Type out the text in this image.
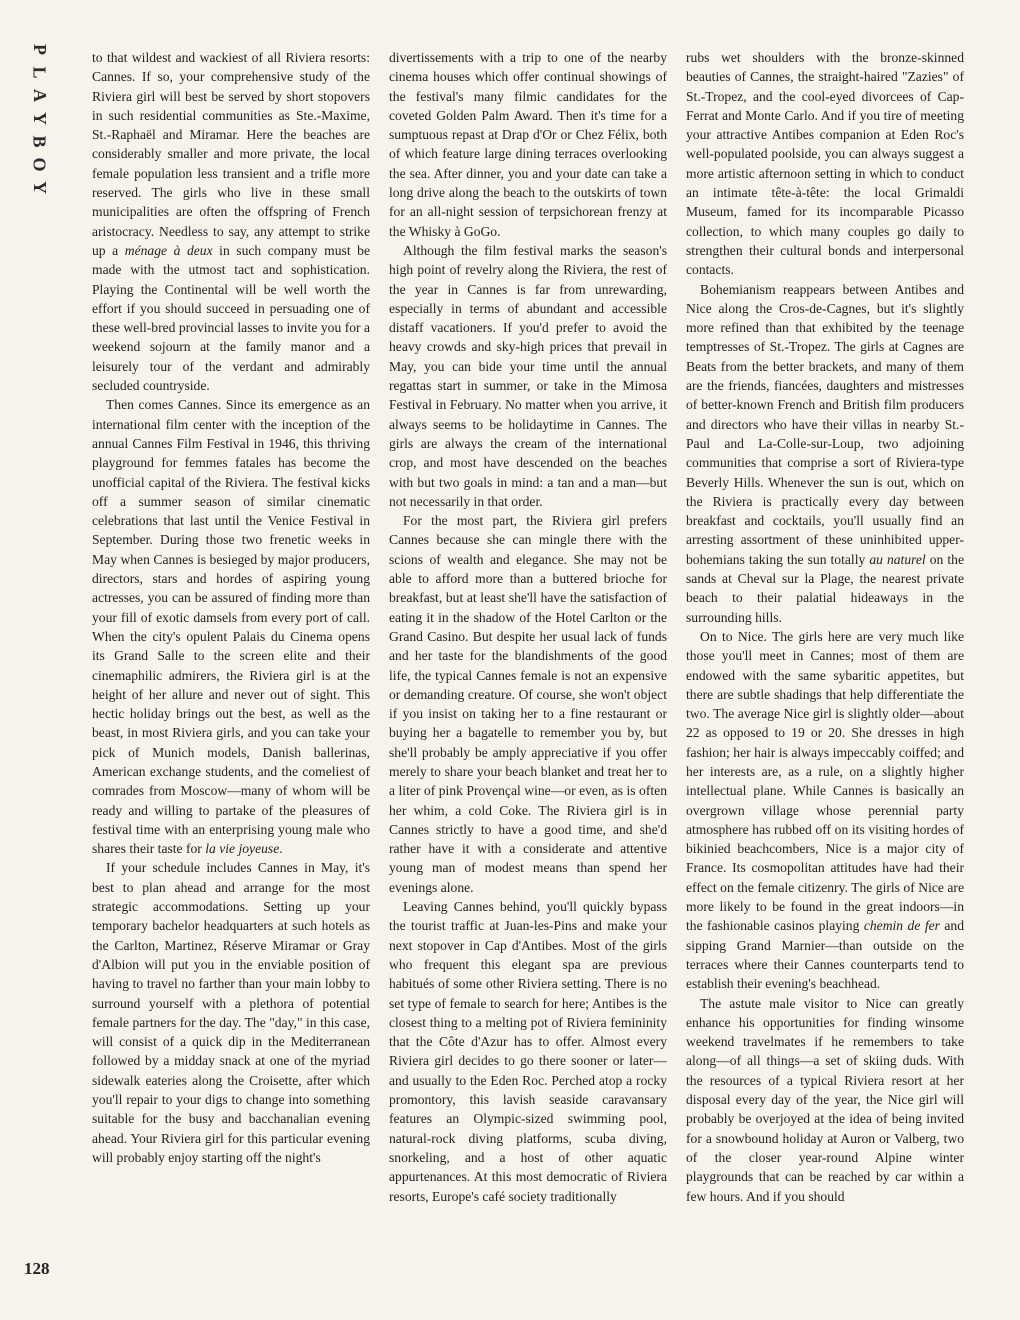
P
L
A
Y
B
O
Y
128

to that wildest and wackiest of all Riviera resorts: Cannes. If so, your comprehensive study of the Riviera girl will best be served by short stopovers in such residential communities as Ste.-Maxime, St.-Raphaël and Miramar. Here the beaches are considerably smaller and more private, the local female population less transient and a trifle more reserved. The girls who live in these small municipalities are often the offspring of French aristocracy. Needless to say, any attempt to strike up a ménage à deux in such company must be made with the utmost tact and sophistication. Playing the Continental will be well worth the effort if you should succeed in persuading one of these well-bred provincial lasses to invite you for a weekend sojourn at the family manor and a leisurely tour of the verdant and admirably secluded countryside.

Then comes Cannes. Since its emergence as an international film center with the inception of the annual Cannes Film Festival in 1946, this thriving playground for femmes fatales has become the unofficial capital of the Riviera. The festival kicks off a summer season of similar cinematic celebrations that last until the Venice Festival in September. During those two frenetic weeks in May when Cannes is besieged by major producers, directors, stars and hordes of aspiring young actresses, you can be assured of finding more than your fill of exotic damsels from every port of call. When the city's opulent Palais du Cinema opens its Grand Salle to the screen elite and their cinemaphilic admirers, the Riviera girl is at the height of her allure and never out of sight. This hectic holiday brings out the best, as well as the beast, in most Riviera girls, and you can take your pick of Munich models, Danish ballerinas, American exchange students, and the comeliest of comrades from Moscow—many of whom will be ready and willing to partake of the pleasures of festival time with an enterprising young male who shares their taste for la vie joyeuse.

If your schedule includes Cannes in May, it's best to plan ahead and arrange for the most strategic accommodations. Setting up your temporary bachelor headquarters at such hotels as the Carlton, Martinez, Réserve Miramar or Gray d'Albion will put you in the enviable position of having to travel no farther than your main lobby to surround yourself with a plethora of potential female partners for the day. The "day," in this case, will consist of a quick dip in the Mediterranean followed by a midday snack at one of the myriad sidewalk eateries along the Croisette, after which you'll repair to your digs to change into something suitable for the busy and bacchanalian evening ahead. Your Riviera girl for this particular evening will probably enjoy starting off the night's

divertissements with a trip to one of the nearby cinema houses which offer continual showings of the festival's many filmic candidates for the coveted Golden Palm Award. Then it's time for a sumptuous repast at Drap d'Or or Chez Félix, both of which feature large dining terraces overlooking the sea. After dinner, you and your date can take a long drive along the beach to the outskirts of town for an all-night session of terpsichorean frenzy at the Whisky à GoGo.

Although the film festival marks the season's high point of revelry along the Riviera, the rest of the year in Cannes is far from unrewarding, especially in terms of abundant and accessible distaff vacationers. If you'd prefer to avoid the heavy crowds and sky-high prices that prevail in May, you can bide your time until the annual regattas start in summer, or take in the Mimosa Festival in February. No matter when you arrive, it always seems to be holidaytime in Cannes. The girls are always the cream of the international crop, and most have descended on the beaches with but two goals in mind: a tan and a man—but not necessarily in that order.

For the most part, the Riviera girl prefers Cannes because she can mingle there with the scions of wealth and elegance. She may not be able to afford more than a buttered brioche for breakfast, but at least she'll have the satisfaction of eating it in the shadow of the Hotel Carlton or the Grand Casino. But despite her usual lack of funds and her taste for the blandishments of the good life, the typical Cannes female is not an expensive or demanding creature. Of course, she won't object if you insist on taking her to a fine restaurant or buying her a bagatelle to remember you by, but she'll probably be amply appreciative if you offer merely to share your beach blanket and treat her to a liter of pink Provençal wine—or even, as is often her whim, a cold Coke. The Riviera girl is in Cannes strictly to have a good time, and she'd rather have it with a considerate and attentive young man of modest means than spend her evenings alone.

Leaving Cannes behind, you'll quickly bypass the tourist traffic at Juan-les-Pins and make your next stopover in Cap d'Antibes. Most of the girls who frequent this elegant spa are previous habitués of some other Riviera setting. There is no set type of female to search for here; Antibes is the closest thing to a melting pot of Riviera femininity that the Côte d'Azur has to offer. Almost every Riviera girl decides to go there sooner or later—and usually to the Eden Roc. Perched atop a rocky promontory, this lavish seaside caravansary features an Olympic-sized swimming pool, natural-rock diving platforms, scuba diving, snorkeling, and a host of other aquatic appurtenances. At this most democratic of Riviera resorts, Europe's café society traditionally

rubs wet shoulders with the bronze-skinned beauties of Cannes, the straight-haired "Zazies" of St.-Tropez, and the cool-eyed divorcees of Cap-Ferrat and Monte Carlo. And if you tire of meeting your attractive Antibes companion at Eden Roc's well-populated poolside, you can always suggest a more artistic afternoon setting in which to conduct an intimate tête-à-tête: the local Grimaldi Museum, famed for its incomparable Picasso collection, to which many couples go daily to strengthen their cultural bonds and interpersonal contacts.

Bohemianism reappears between Antibes and Nice along the Cros-de-Cagnes, but it's slightly more refined than that exhibited by the teenage temptresses of St.-Tropez. The girls at Cagnes are Beats from the better brackets, and many of them are the friends, fiancées, daughters and mistresses of better-known French and British film producers and directors who have their villas in nearby St.-Paul and La-Colle-sur-Loup, two adjoining communities that comprise a sort of Riviera-type Beverly Hills. Whenever the sun is out, which on the Riviera is practically every day between breakfast and cocktails, you'll usually find an arresting assortment of these uninhibited upper-bohemians taking the sun totally au naturel on the sands at Cheval sur la Plage, the nearest private beach to their palatial hideaways in the surrounding hills.

On to Nice. The girls here are very much like those you'll meet in Cannes; most of them are endowed with the same sybaritic appetites, but there are subtle shadings that help differentiate the two. The average Nice girl is slightly older—about 22 as opposed to 19 or 20. She dresses in high fashion; her hair is always impeccably coiffed; and her interests are, as a rule, on a slightly higher intellectual plane. While Cannes is basically an overgrown village whose perennial party atmosphere has rubbed off on its visiting hordes of bikinied beachcombers, Nice is a major city of France. Its cosmopolitan attitudes have had their effect on the female citizenry. The girls of Nice are more likely to be found in the great indoors—in the fashionable casinos playing chemin de fer and sipping Grand Marnier—than outside on the terraces where their Cannes counterparts tend to establish their evening's beachhead.

The astute male visitor to Nice can greatly enhance his opportunities for finding winsome weekend travelmates if he remembers to take along—of all things—a set of skiing duds. With the resources of a typical Riviera resort at her disposal every day of the year, the Nice girl will probably be overjoyed at the idea of being invited for a snowbound holiday at Auron or Valberg, two of the closer year-round Alpine winter playgrounds that can be reached by car within a few hours. And if you should
